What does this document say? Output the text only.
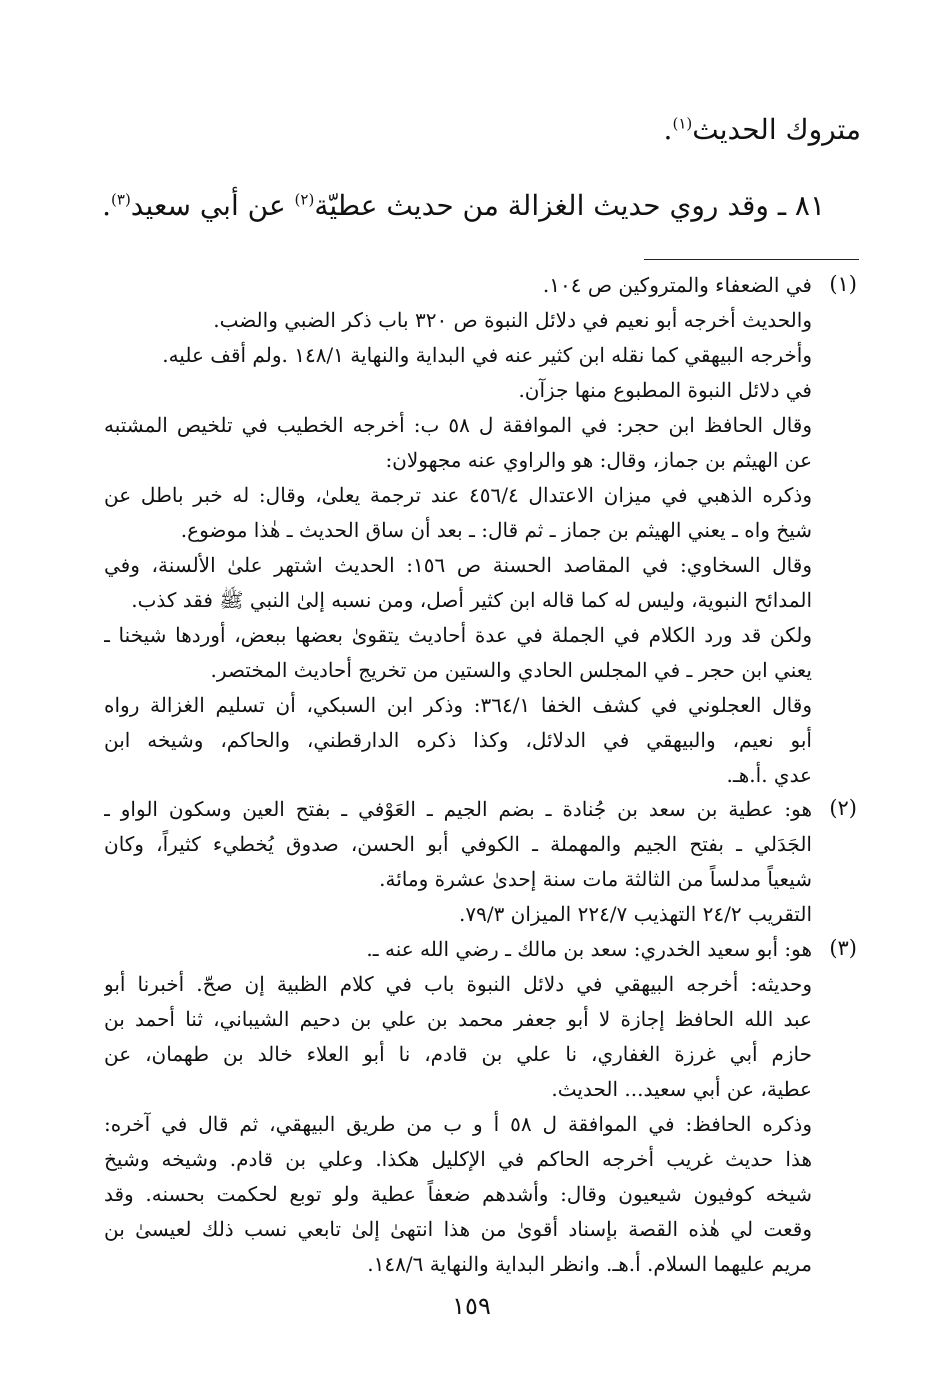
متروك الحديث$^{(١)}$.
٨١ ـ وقد روي حديث الغزالة من حديث عطيّة$^{(٢)}$ عن أبي سعيد$^{(٣)}$.
(١)
(٢)
(٣)
في الضعفاء والمتروكين ص ١٠٤.
والحديث أخرجه أبو نعيم في دلائل النبوة ص ٣٢٠ باب ذكر الضبي والضب.
وأخرجه البيهقي كما نقله ابن كثير عنه في البداية والنهاية ١٤٨/١ .ولم أقف عليه.
في دلائل النبوة المطبوع منها جزآن.
وقال الحافظ ابن حجر: في الموافقة ل ٥٨ ب: أخرجه الخطيب في تلخيص المشتبه
عن الهيثم بن جماز، وقال: هو والراوي عنه مجهولان:
وذكره الذهبي في ميزان الاعتدال ٤٥٦/٤ عند ترجمة يعلىٰ، وقال: له خبر باطل عن
شيخ واه ـ يعني الهيثم بن جماز ـ ثم قال: ـ بعد أن ساق الحديث ـ هٰذا موضوع.
وقال السخاوي: في المقاصد الحسنة ص ١٥٦: الحديث اشتهر علىٰ الألسنة، وفي
المدائح النبوية، وليس له كما قاله ابن كثير أصل، ومن نسبه إلىٰ النبي ﷺ فقد كذب.
ولكن قد ورد الكلام في الجملة في عدة أحاديث يتقوىٰ بعضها ببعض، أوردها شيخنا ـ
يعني ابن حجر ـ في المجلس الحادي والستين من تخريج أحاديث المختصر.
وقال العجلوني في كشف الخفا ٣٦٤/١: وذكر ابن السبكي، أن تسليم الغزالة رواه
أبو نعيم، والبيهقي في الدلائل، وكذا ذكره الدارقطني، والحاكم، وشيخه ابن
عدي .أ.هـ.
هو: عطية بن سعد بن جُنادة ـ بضم الجيم ـ العَوْفي ـ بفتح العين وسكون الواو ـ
الجَدَلي ـ بفتح الجيم والمهملة ـ الكوفي أبو الحسن، صدوق يُخطيء كثيراً، وكان
شيعياً مدلساً من الثالثة مات سنة إحدىٰ عشرة ومائة.
التقريب ٢٤/٢ التهذيب ٢٢٤/٧ الميزان ٧٩/٣.
هو: أبو سعيد الخدري: سعد بن مالك ـ رضي الله عنه ـ.
وحديثه: أخرجه البيهقي في دلائل النبوة باب في كلام الظبية إن صحّ. أخبرنا أبو
عبد الله الحافظ إجازة لا أبو جعفر محمد بن علي بن دحيم الشيباني، ثنا أحمد بن
حازم أبي غرزة الغفاري، نا علي بن قادم، نا أبو العلاء خالد بن طهمان، عن
عطية، عن أبي سعيد... الحديث.
وذكره الحافظ: في الموافقة ل ٥٨ أ و ب من طريق البيهقي، ثم قال في آخره:
هذا حديث غريب أخرجه الحاكم في الإكليل هكذا. وعلي بن قادم. وشيخه وشيخ
شيخه كوفيون شيعيون وقال: وأشدهم ضعفاً عطية ولو توبع لحكمت بحسنه. وقد
وقعت لي هٰذه القصة بإسناد أقوىٰ من هذا انتهىٰ إلىٰ تابعي نسب ذلك لعيسىٰ بن
مريم عليهما السلام. أ.هـ. وانظر البداية والنهاية ١٤٨/٦.
١٥٩
